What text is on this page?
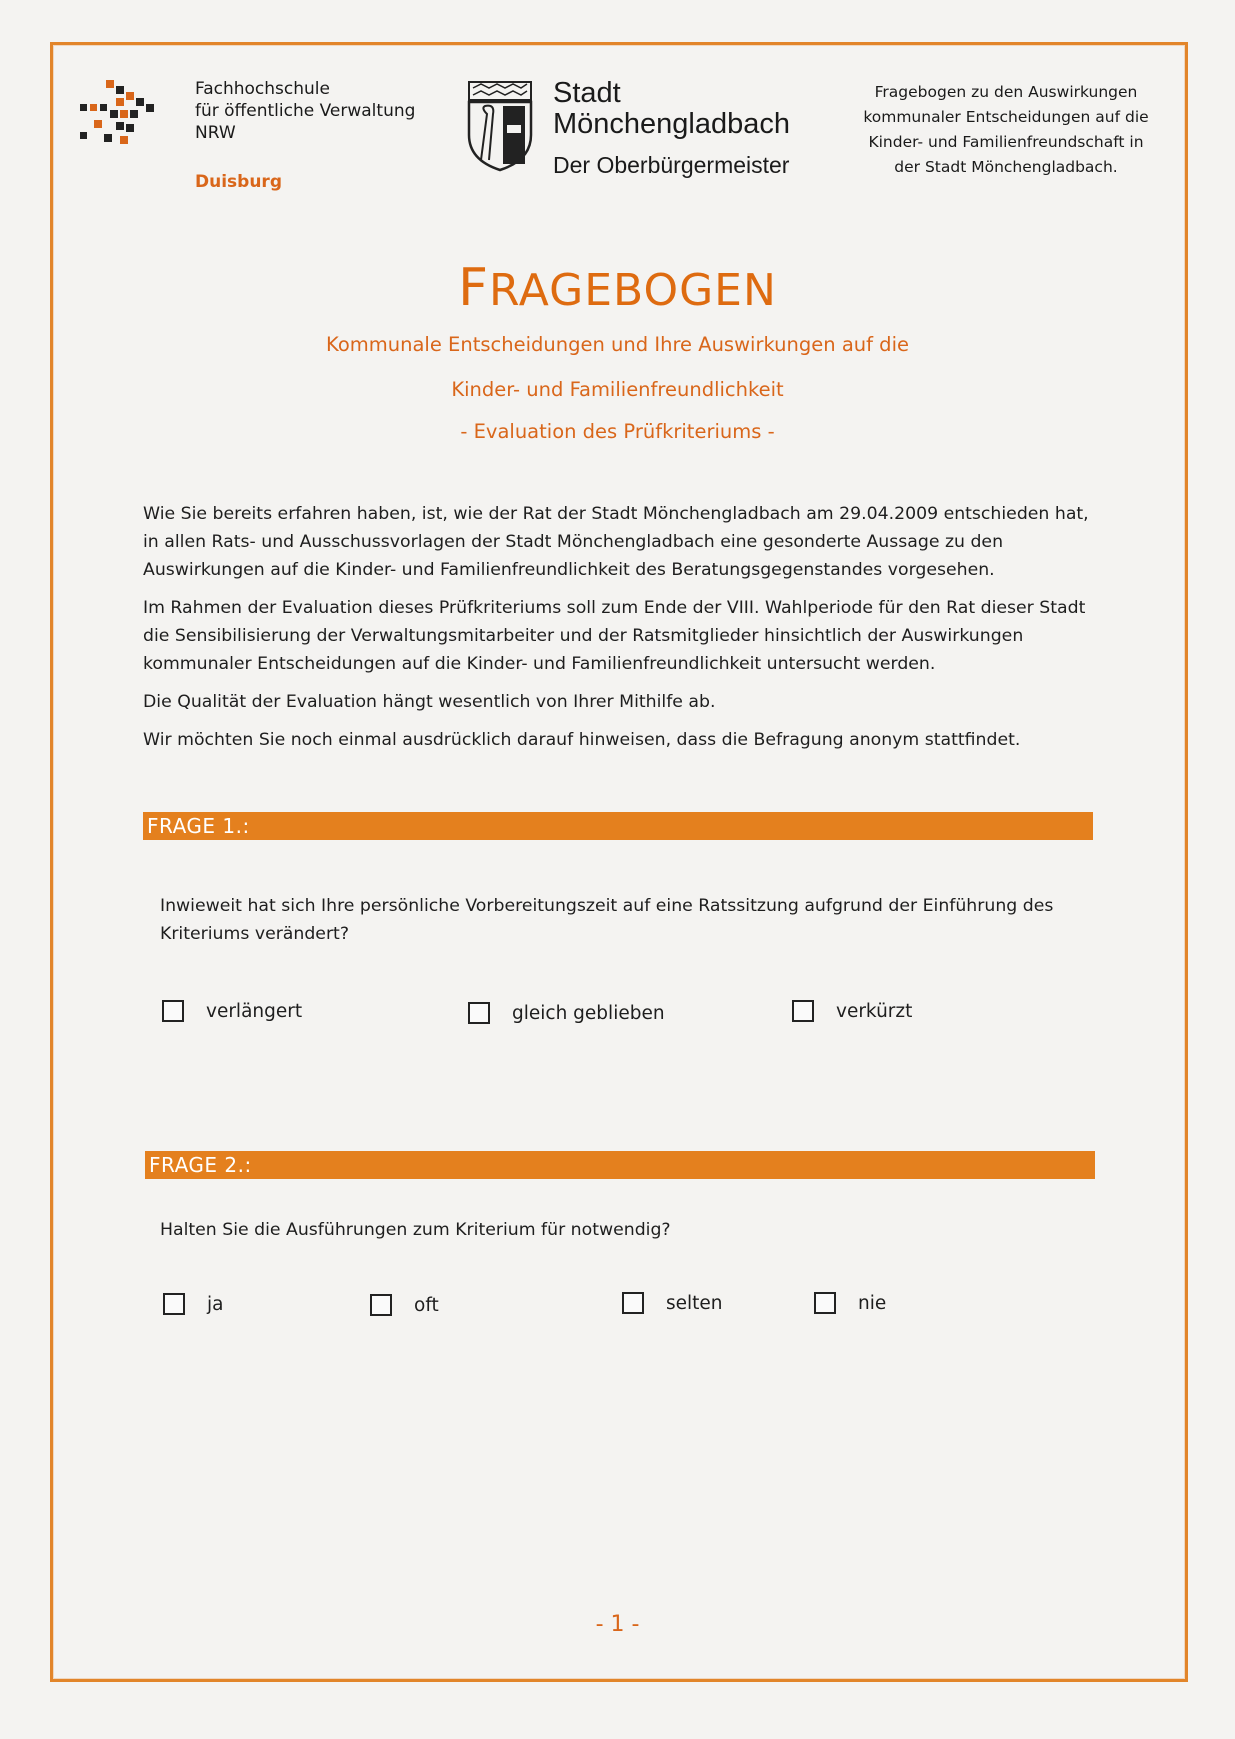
Fachhochschule
für öffentliche Verwaltung
NRW
Duisburg
Stadt
Mönchengladbach
Der Oberbürgermeister
Fragebogen zu den Auswirkungen
kommunaler Entscheidungen auf die
Kinder- und Familienfreundschaft in
der Stadt Mönchengladbach.
FRAGEBOGEN
Kommunale Entscheidungen und Ihre Auswirkungen auf die
Kinder- und Familienfreundlichkeit
- Evaluation des Prüfkriteriums -

Wie Sie bereits erfahren haben, ist, wie der Rat der Stadt Mönchengladbach am 29.04.2009 entschieden hat, in allen Rats- und Ausschussvorlagen der Stadt Mönchengladbach eine gesonderte Aussage zu den Auswirkungen auf die Kinder- und Familienfreundlichkeit des Beratungsgegenstandes vorgesehen.

Im Rahmen der Evaluation dieses Prüfkriteriums soll zum Ende der VIII. Wahlperiode für den Rat dieser Stadt die Sensibilisierung der Verwaltungsmitarbeiter und der Ratsmitglieder hinsichtlich der Auswirkungen kommunaler Entscheidungen auf die Kinder- und Familienfreundlichkeit untersucht werden.

Die Qualität der Evaluation hängt wesentlich von Ihrer Mithilfe ab.

Wir möchten Sie noch einmal ausdrücklich darauf hinweisen, dass die Befragung anonym stattfindet.

FRAGE 1.:
Inwieweit hat sich Ihre persönliche Vorbereitungszeit auf eine Ratssitzung aufgrund der Einführung des Kriteriums verändert?
verlängert	gleich geblieben	verkürzt
FRAGE 2.:
Halten Sie die Ausführungen zum Kriterium für notwendig?
ja	oft	selten	nie
- 1 -
